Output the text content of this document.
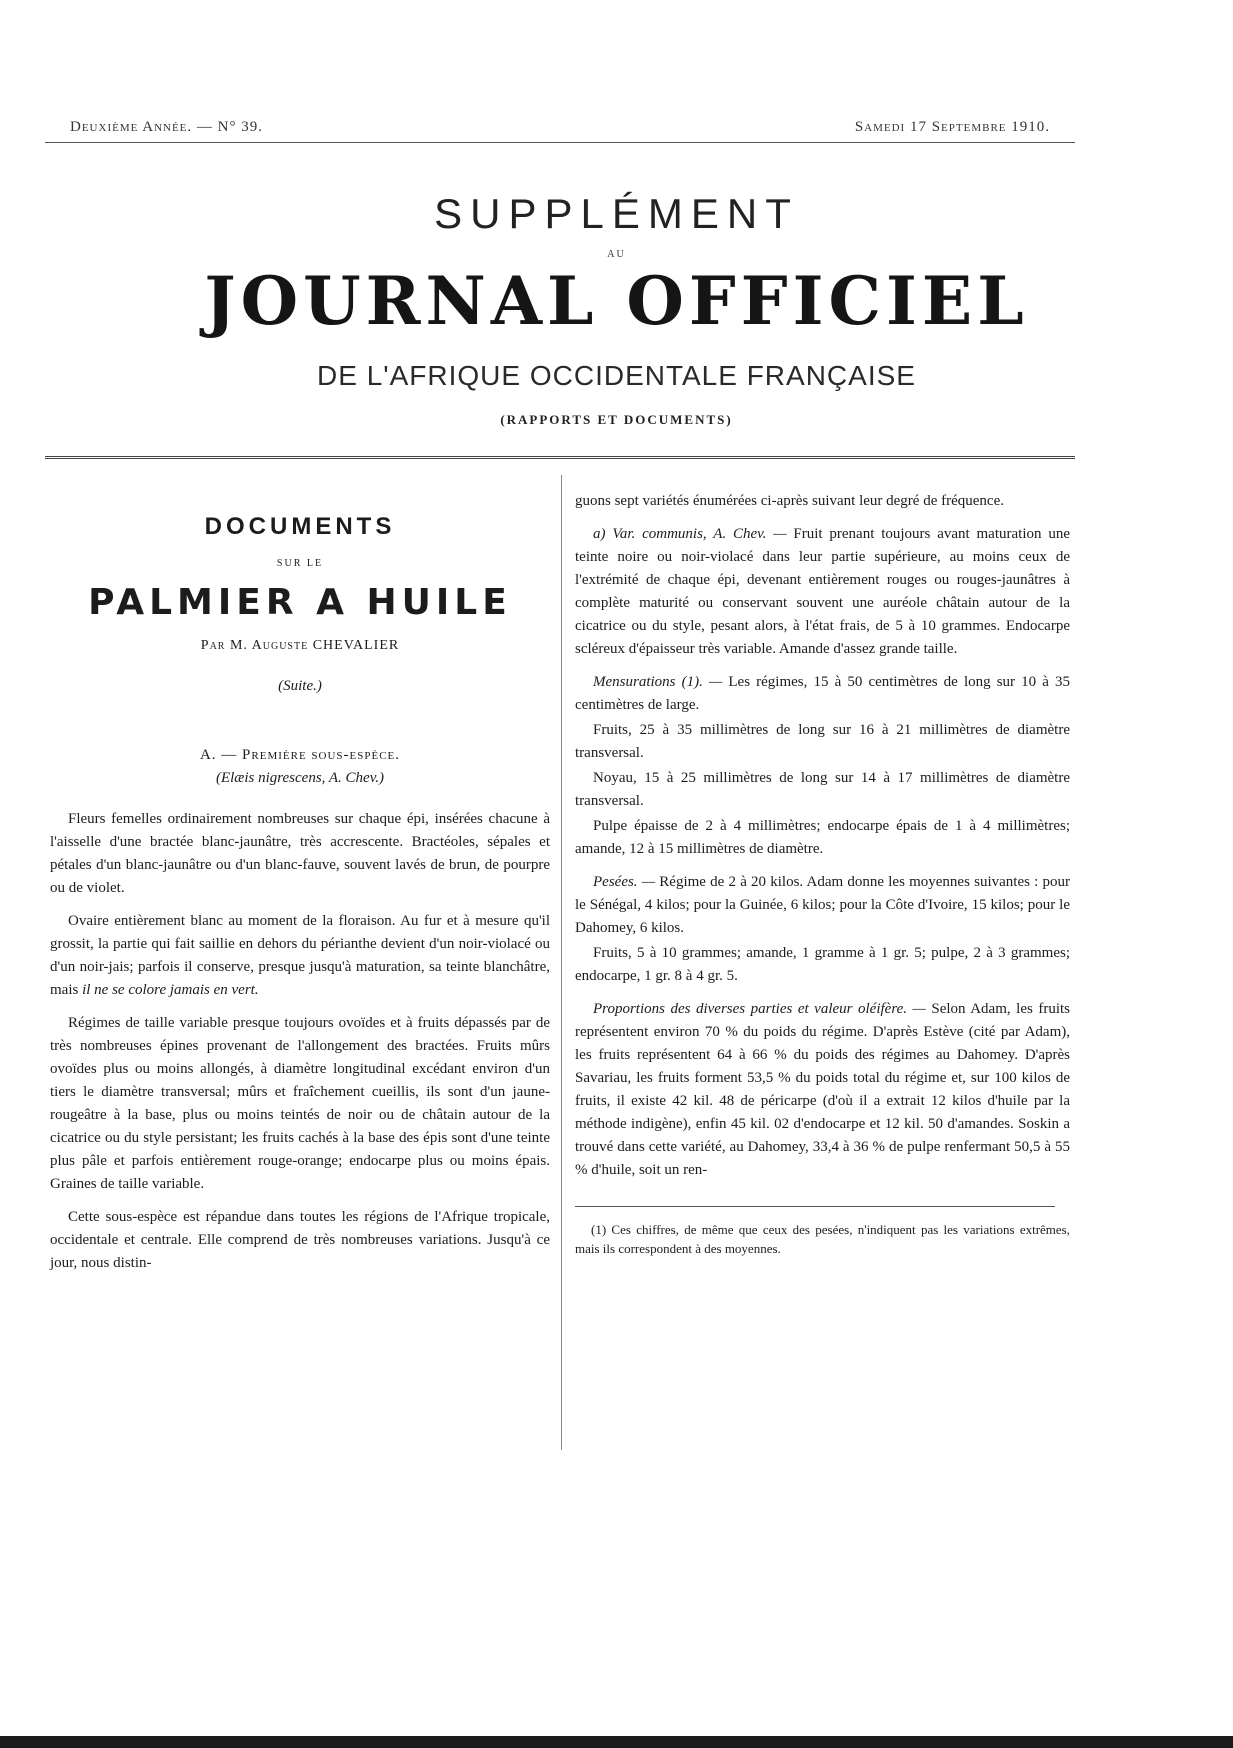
Deuxième Année. — N° 39.	Samedi 17 Septembre 1910.
SUPPLÉMENT
AU
JOURNAL OFFICIEL
DE L'AFRIQUE OCCIDENTALE FRANÇAISE
(RAPPORTS ET DOCUMENTS)
DOCUMENTS
SUR LE
PALMIER A HUILE
Par M. Auguste CHEVALIER
(Suite.)
A. — Première sous-espèce.
(Elæis nigrescens, A. Chev.)

Fleurs femelles ordinairement nombreuses sur chaque épi, insérées chacune à l'aisselle d'une bractée blanc-jaunâtre, très accrescente. Bractéoles, sépales et pétales d'un blanc-jaunâtre ou d'un blanc-fauve, souvent lavés de brun, de pourpre ou de violet.

Ovaire entièrement blanc au moment de la floraison. Au fur et à mesure qu'il grossit, la partie qui fait saillie en dehors du périanthe devient d'un noir-violacé ou d'un noir-jais; parfois il conserve, presque jusqu'à maturation, sa teinte blanchâtre, mais il ne se colore jamais en vert.

Régimes de taille variable presque toujours ovoïdes et à fruits dépassés par de très nombreuses épines provenant de l'allongement des bractées. Fruits mûrs ovoïdes plus ou moins allongés, à diamètre longitudinal excédant environ d'un tiers le diamètre transversal; mûrs et fraîchement cueillis, ils sont d'un jaune-rougeâtre à la base, plus ou moins teintés de noir ou de châtain autour de la cicatrice ou du style persistant; les fruits cachés à la base des épis sont d'une teinte plus pâle et parfois entièrement rouge-orange; endocarpe plus ou moins épais. Graines de taille variable.

Cette sous-espèce est répandue dans toutes les régions de l'Afrique tropicale, occidentale et centrale. Elle comprend de très nombreuses variations. Jusqu'à ce jour, nous distin-

guons sept variétés énumérées ci-après suivant leur degré de fréquence.

a) Var. communis, A. Chev. — Fruit prenant toujours avant maturation une teinte noire ou noir-violacé dans leur partie supérieure, au moins ceux de l'extrémité de chaque épi, devenant entièrement rouges ou rouges-jaunâtres à complète maturité ou conservant souvent une auréole châtain autour de la cicatrice ou du style, pesant alors, à l'état frais, de 5 à 10 grammes. Endocarpe scléreux d'épaisseur très variable. Amande d'assez grande taille.

Mensurations (1). — Les régimes, 15 à 50 centimètres de long sur 10 à 35 centimètres de large.

Fruits, 25 à 35 millimètres de long sur 16 à 21 millimètres de diamètre transversal.

Noyau, 15 à 25 millimètres de long sur 14 à 17 millimètres de diamètre transversal.

Pulpe épaisse de 2 à 4 millimètres; endocarpe épais de 1 à 4 millimètres; amande, 12 à 15 millimètres de diamètre.

Pesées. — Régime de 2 à 20 kilos. Adam donne les moyennes suivantes : pour le Sénégal, 4 kilos; pour la Guinée, 6 kilos; pour la Côte d'Ivoire, 15 kilos; pour le Dahomey, 6 kilos.

Fruits, 5 à 10 grammes; amande, 1 gramme à 1 gr. 5; pulpe, 2 à 3 grammes; endocarpe, 1 gr. 8 à 4 gr. 5.

Proportions des diverses parties et valeur oléifère. — Selon Adam, les fruits représentent environ 70 % du poids du régime. D'après Estève (cité par Adam), les fruits représentent 64 à 66 % du poids des régimes au Dahomey. D'après Savariau, les fruits forment 53,5 % du poids total du régime et, sur 100 kilos de fruits, il existe 42 kil. 48 de péricarpe (d'où il a extrait 12 kilos d'huile par la méthode indigène), enfin 45 kil. 02 d'endocarpe et 12 kil. 50 d'amandes. Soskin a trouvé dans cette variété, au Dahomey, 33,4 à 36 % de pulpe renfermant 50,5 à 55 % d'huile, soit un ren-

(1) Ces chiffres, de même que ceux des pesées, n'indiquent pas les variations extrêmes, mais ils correspondent à des moyennes.
